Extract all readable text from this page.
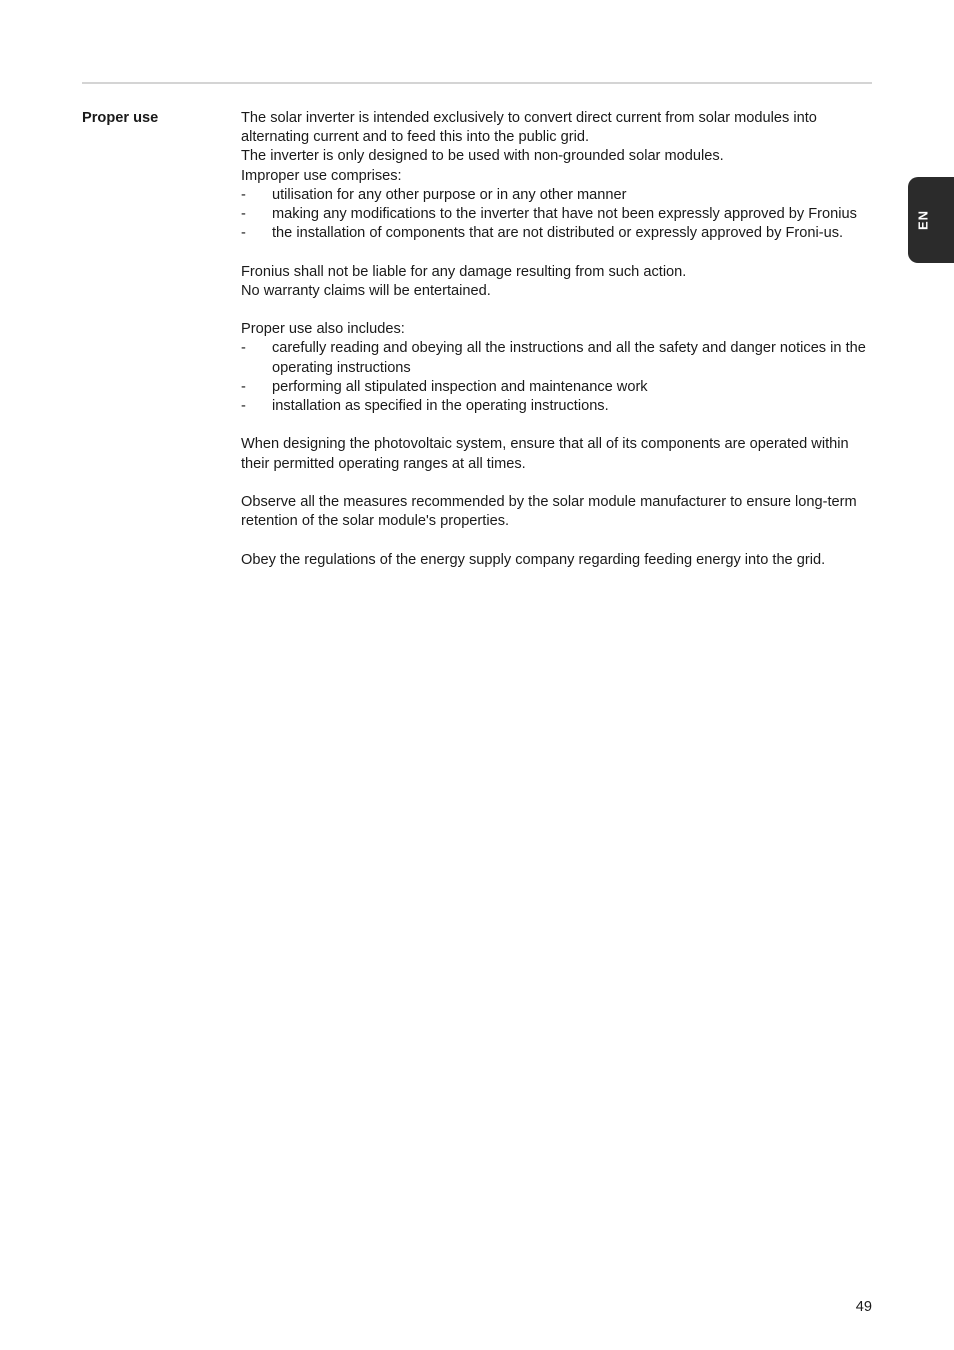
Proper use	The solar inverter is intended exclusively to convert direct current from solar modules into alternating current and to feed this into the public grid.

The inverter is only designed to be used with non-grounded solar modules.

Improper use comprises:

- utilisation for any other purpose or in any other manner
- making any modifications to the inverter that have not been expressly approved by Fronius
- the installation of components that are not distributed or expressly approved by Froni-us.

Fronius shall not be liable for any damage resulting from such action.

No warranty claims will be entertained.

Proper use also includes:

- carefully reading and obeying all the instructions and all the safety and danger notices in the operating instructions
- performing all stipulated inspection and maintenance work
- installation as specified in the operating instructions.

When designing the photovoltaic system, ensure that all of its components are operated within their permitted operating ranges at all times.

Observe all the measures recommended by the solar module manufacturer to ensure long-term retention of the solar module's properties.

Obey the regulations of the energy supply company regarding feeding energy into the grid.

EN
49
